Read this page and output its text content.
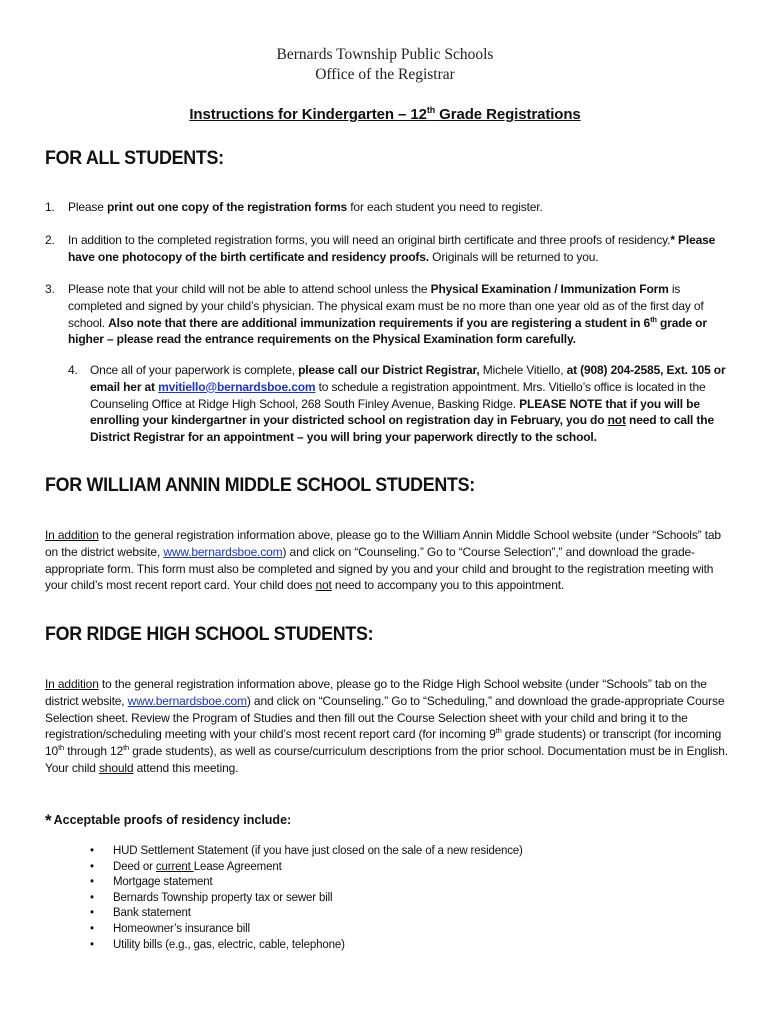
Bernards Township Public Schools
Office of the Registrar
Instructions for Kindergarten – 12th Grade Registrations
FOR ALL STUDENTS:
1. Please print out one copy of the registration forms for each student you need to register.
2. In addition to the completed registration forms, you will need an original birth certificate and three proofs of residency.* Please have one photocopy of the birth certificate and residency proofs. Originals will be returned to you.
3. Please note that your child will not be able to attend school unless the Physical Examination / Immunization Form is completed and signed by your child’s physician. The physical exam must be no more than one year old as of the first day of school. Also note that there are additional immunization requirements if you are registering a student in 6th grade or higher – please read the entrance requirements on the Physical Examination form carefully.
4. Once all of your paperwork is complete, please call our District Registrar, Michele Vitiello, at (908) 204-2585, Ext. 105 or email her at mvitiello@bernardsboe.com to schedule a registration appointment. Mrs. Vitiello’s office is located in the Counseling Office at Ridge High School, 268 South Finley Avenue, Basking Ridge. PLEASE NOTE that if you will be enrolling your kindergartner in your districted school on registration day in February, you do not need to call the District Registrar for an appointment – you will bring your paperwork directly to the school.
FOR WILLIAM ANNIN MIDDLE SCHOOL STUDENTS:
In addition to the general registration information above, please go to the William Annin Middle School website (under “Schools” tab on the district website, www.bernardsboe.com) and click on “Counseling.” Go to “Course Selection”,” and download the grade-appropriate form. This form must also be completed and signed by you and your child and brought to the registration meeting with your child’s most recent report card. Your child does not need to accompany you to this appointment.
FOR RIDGE HIGH SCHOOL STUDENTS:
In addition to the general registration information above, please go to the Ridge High School website (under “Schools” tab on the district website, www.bernardsboe.com) and click on “Counseling.” Go to “Scheduling,” and download the grade-appropriate Course Selection sheet. Review the Program of Studies and then fill out the Course Selection sheet with your child and bring it to the registration/scheduling meeting with your child’s most recent report card (for incoming 9th grade students) or transcript (for incoming 10th through 12th grade students), as well as course/curriculum descriptions from the prior school. Documentation must be in English. Your child should attend this meeting.
* Acceptable proofs of residency include:
• HUD Settlement Statement (if you have just closed on the sale of a new residence)
• Deed or current Lease Agreement
• Mortgage statement
• Bernards Township property tax or sewer bill
• Bank statement
• Homeowner’s insurance bill
• Utility bills (e.g., gas, electric, cable, telephone)
